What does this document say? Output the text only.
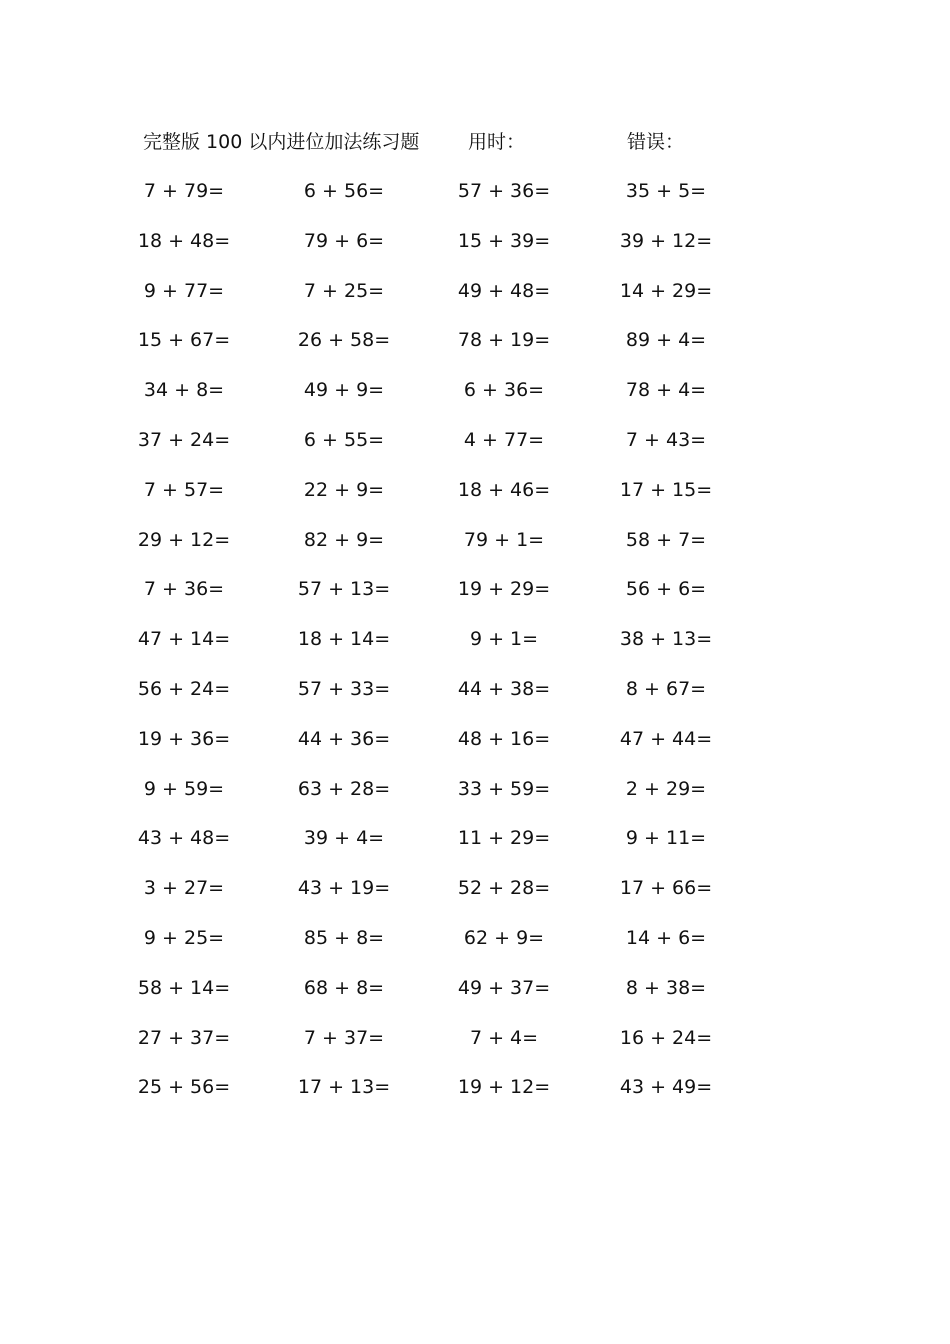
完整版 100 以内进位加法练习题	用时：	错误：
7 + 79=	6 + 56=	57 + 36=	35 + 5=
18 + 48=	79 + 6=	15 + 39=	39 + 12=
9 + 77=	7 + 25=	49 + 48=	14 + 29=
15 + 67=	26 + 58=	78 + 19=	89 + 4=
34 + 8=	49 + 9=	6 + 36=	78 + 4=
37 + 24=	6 + 55=	4 + 77=	7 + 43=
7 + 57=	22 + 9=	18 + 46=	17 + 15=
29 + 12=	82 + 9=	79 + 1=	58 + 7=
7 + 36=	57 + 13=	19 + 29=	56 + 6=
47 + 14=	18 + 14=	9 + 1=	38 + 13=
56 + 24=	57 + 33=	44 + 38=	8 + 67=
19 + 36=	44 + 36=	48 + 16=	47 + 44=
9 + 59=	63 + 28=	33 + 59=	2 + 29=
43 + 48=	39 + 4=	11 + 29=	9 + 11=
3 + 27=	43 + 19=	52 + 28=	17 + 66=
9 + 25=	85 + 8=	62 + 9=	14 + 6=
58 + 14=	68 + 8=	49 + 37=	8 + 38=
27 + 37=	7 + 37=	7 + 4=	16 + 24=
25 + 56=	17 + 13=	19 + 12=	43 + 49=
